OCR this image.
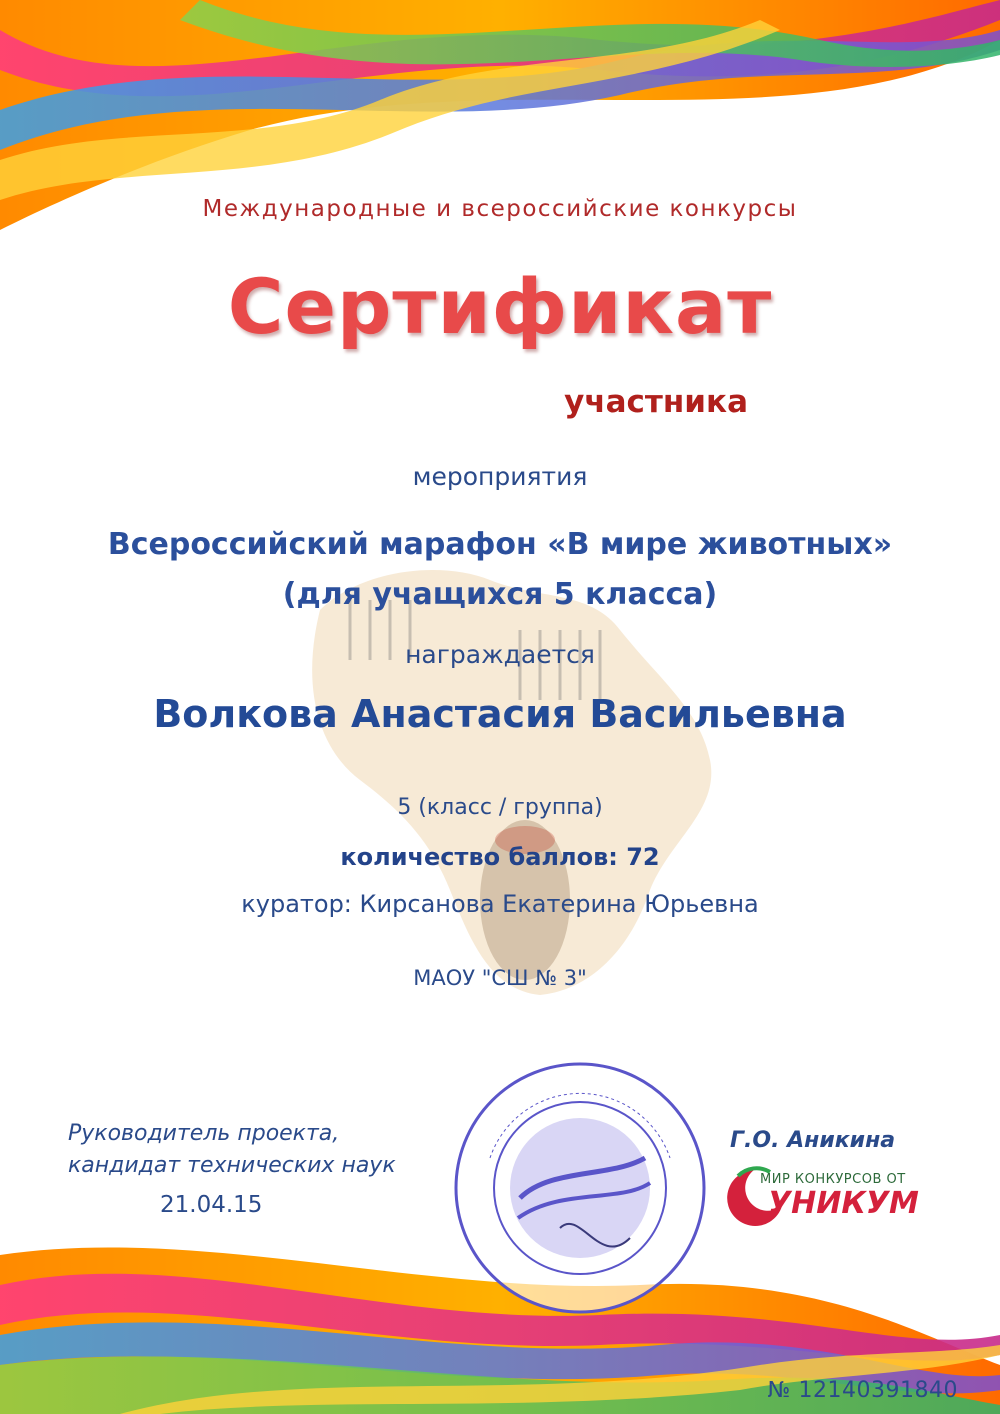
Международные и всероссийские конкурсы
Сертификат
участника
мероприятия
Всероссийский марафон «В мире животных»
(для учащихся 5 класса)
награждается
Волкова Анастасия Васильевна
5 (класс / группа)
количество баллов: 72
куратор: Кирсанова Екатерина Юрьевна
МАОУ "СШ № 3"
Руководитель проекта,
кандидат технических наук
21.04.15
Г.О. Аникина
МИР КОНКУРСОВ ОТ
УНИКУМ
№ 12140391840
